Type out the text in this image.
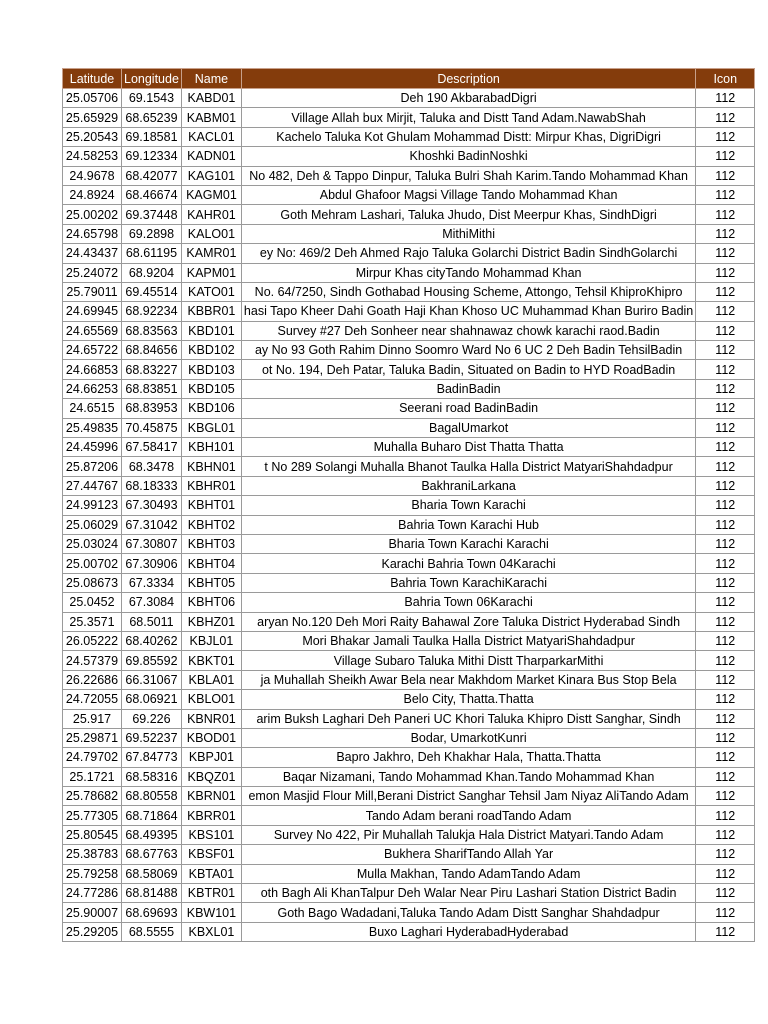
Latitude	Longitude	Name	Description	Icon
25.05706	69.1543	KABD01	Deh 190 AkbarabadDigri	112
25.65929	68.65239	KABM01	Village Allah bux Mirjit, Taluka and Distt Tand Adam.NawabShah	112
25.20543	69.18581	KACL01	Kachelo Taluka Kot Ghulam Mohammad Distt: Mirpur Khas, DigriDigri	112
24.58253	69.12334	KADN01	Khoshki BadinNoshki	112
24.9678	68.42077	KAG101	No 482, Deh & Tappo Dinpur, Taluka Bulri Shah Karim.Tando Mohammad Khan	112
24.8924	68.46674	KAGM01	Abdul Ghafoor Magsi Village Tando Mohammad Khan	112
25.00202	69.37448	KAHR01	Goth Mehram Lashari, Taluka Jhudo, Dist Meerpur Khas, SindhDigri	112
24.65798	69.2898	KALO01	MithiMithi	112
24.43437	68.61195	KAMR01	ey No: 469/2 Deh Ahmed Rajo Taluka Golarchi District Badin SindhGolarchi	112
25.24072	68.9204	KAPM01	Mirpur Khas cityTando Mohammad Khan	112
25.79011	69.45514	KATO01	No. 64/7250, Sindh Gothabad Housing Scheme, Attongo, Tehsil KhiproKhipro	112
24.69945	68.92234	KBBR01	hasi Tapo Kheer Dahi Goath Haji Khan Khoso UC Muhammad Khan Buriro Badin	112
24.65569	68.83563	KBD101	Survey #27 Deh Sonheer near shahnawaz chowk karachi raod.Badin	112
24.65722	68.84656	KBD102	ay No 93 Goth Rahim Dinno Soomro Ward No 6 UC 2 Deh Badin TehsilBadin	112
24.66853	68.83227	KBD103	ot No. 194, Deh Patar, Taluka Badin, Situated on Badin to HYD RoadBadin	112
24.66253	68.83851	KBD105	BadinBadin	112
24.6515	68.83953	KBD106	Seerani road BadinBadin	112
25.49835	70.45875	KBGL01	BagalUmarkot	112
24.45996	67.58417	KBH101	Muhalla Buharo Dist Thatta Thatta	112
25.87206	68.3478	KBHN01	t No 289 Solangi Muhalla Bhanot Taulka Halla District MatyariShahdadpur	112
27.44767	68.18333	KBHR01	BakhraniLarkana	112
24.99123	67.30493	KBHT01	Bharia Town Karachi	112
25.06029	67.31042	KBHT02	Bahria Town Karachi Hub	112
25.03024	67.30807	KBHT03	Bharia Town Karachi Karachi	112
25.00702	67.30906	KBHT04	Karachi Bahria Town 04Karachi	112
25.08673	67.3334	KBHT05	Bahria Town KarachiKarachi	112
25.0452	67.3084	KBHT06	Bahria Town 06Karachi	112
25.3571	68.5011	KBHZ01	aryan No.120 Deh Mori Raity Bahawal Zore Taluka District Hyderabad Sindh	112
26.05222	68.40262	KBJL01	Mori Bhakar Jamali Taulka Halla District MatyariShahdadpur	112
24.57379	69.85592	KBKT01	Village Subaro Taluka Mithi Distt TharparkarMithi	112
26.22686	66.31067	KBLA01	ja Muhallah Sheikh Awar Bela near Makhdom Market Kinara Bus Stop Bela	112
24.72055	68.06921	KBLO01	Belo City, Thatta.Thatta	112
25.917	69.226	KBNR01	arim Buksh Laghari Deh Paneri UC Khori Taluka Khipro Distt Sanghar, Sindh	112
25.29871	69.52237	KBOD01	Bodar, UmarkotKunri	112
24.79702	67.84773	KBPJ01	Bapro Jakhro, Deh Khakhar Hala, Thatta.Thatta	112
25.1721	68.58316	KBQZ01	Baqar Nizamani, Tando Mohammad Khan.Tando Mohammad Khan	112
25.78682	68.80558	KBRN01	emon Masjid Flour Mill,Berani District Sanghar Tehsil Jam Niyaz AliTando Adam	112
25.77305	68.71864	KBRR01	Tando Adam berani roadTando Adam	112
25.80545	68.49395	KBS101	Survey No 422, Pir Muhallah Talukja Hala District Matyari.Tando Adam	112
25.38783	68.67763	KBSF01	Bukhera SharifTando Allah Yar	112
25.79258	68.58069	KBTA01	Mulla Makhan, Tando AdamTando Adam	112
24.77286	68.81488	KBTR01	oth Bagh Ali KhanTalpur Deh Walar Near Piru Lashari Station District Badin	112
25.90007	68.69693	KBW101	Goth Bago Wadadani,Taluka Tando Adam Distt Sanghar Shahdadpur	112
25.29205	68.5555	KBXL01	Buxo Laghari HyderabadHyderabad	112
